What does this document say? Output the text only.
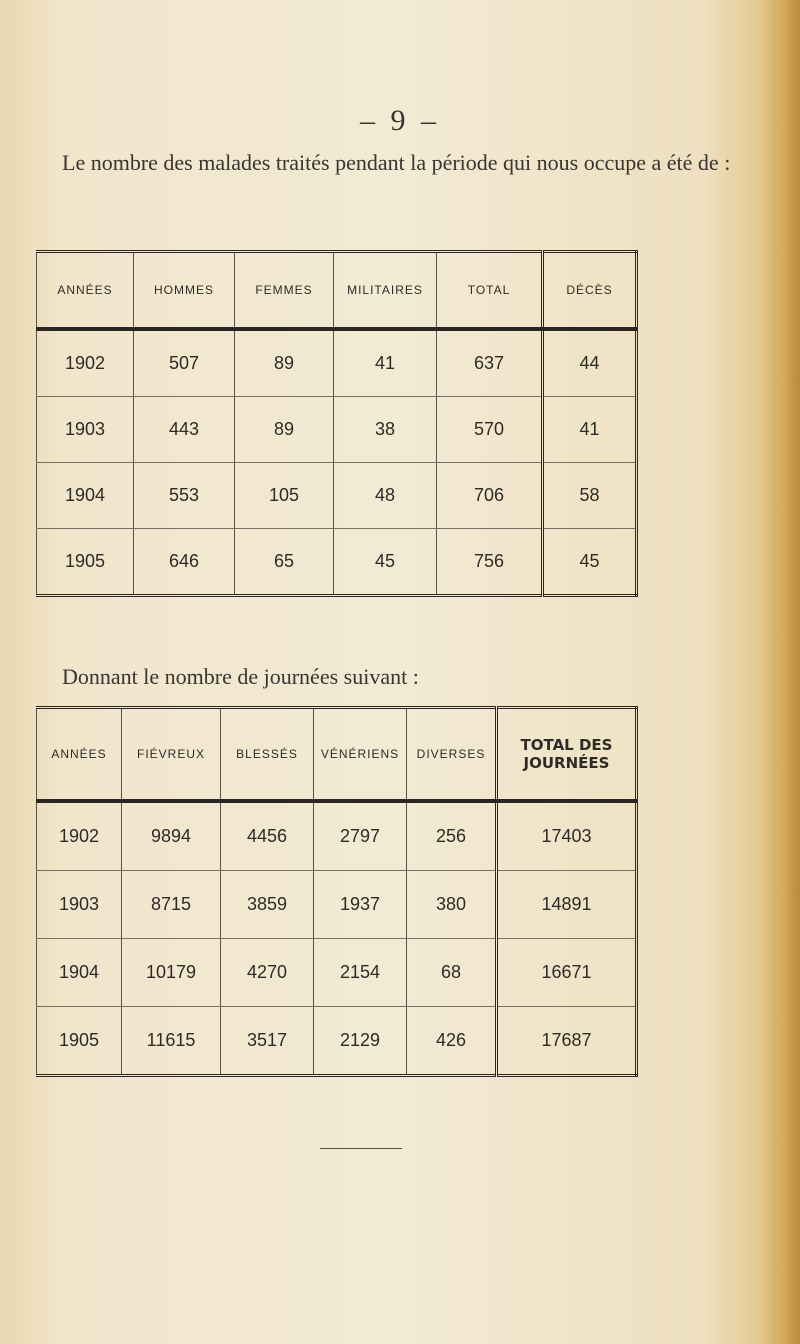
– 9 –
Le nombre des malades traités pendant la période qui nous occupe a été de :
ANNÉES	HOMMES	FEMMES	MILITAIRES	TOTAL	DÉCÈS
1902	507	89	41	637	44
1903	443	89	38	570	41
1904	553	105	48	706	58
1905	646	65	45	756	45
Donnant le nombre de journées suivant :
ANNÉES	FIÉVREUX	BLESSÉS	VÉNÉRIENS	DIVERSES	TOTAL DES JOURNÉES
1902	9894	4456	2797	256	17403
1903	8715	3859	1937	380	14891
1904	10179	4270	2154	68	16671
1905	11615	3517	2129	426	17687
